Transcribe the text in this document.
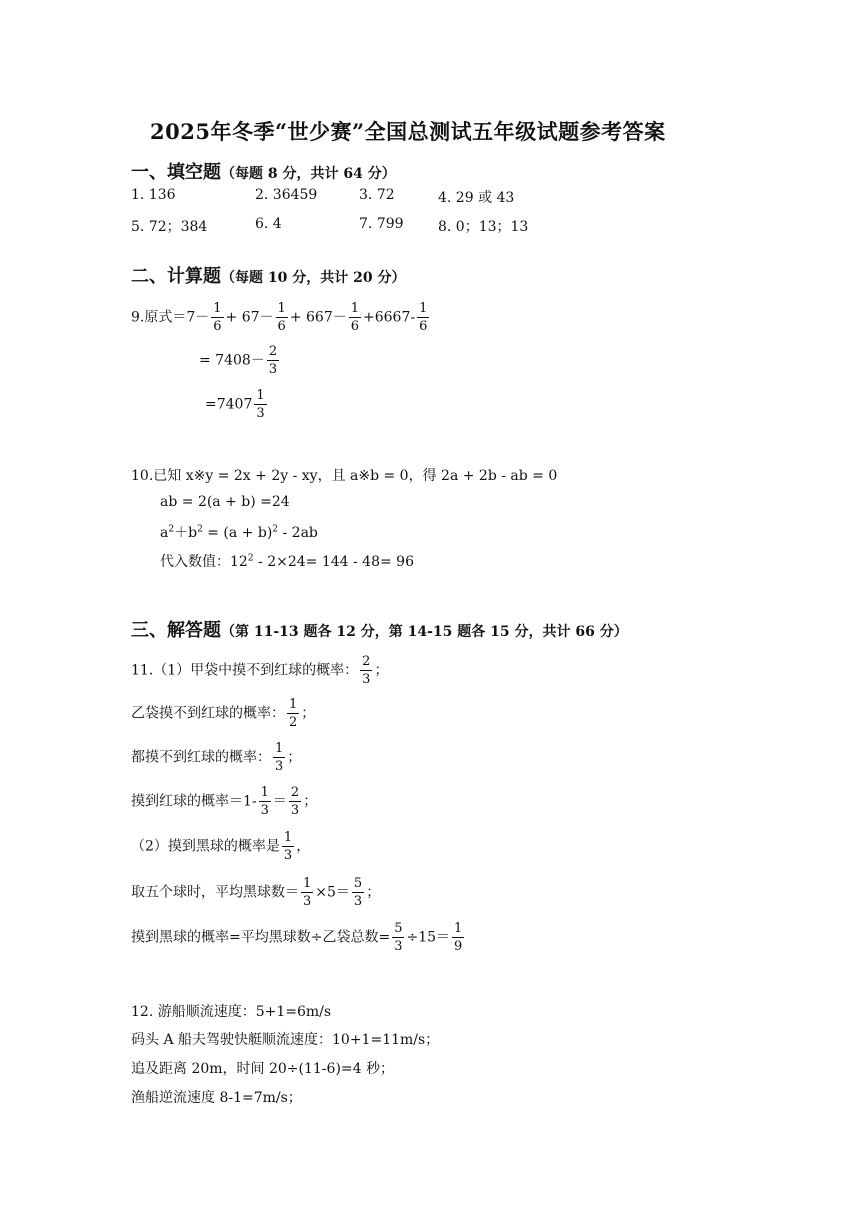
2025年冬季“世少赛”全国总测试五年级试题参考答案
一、填空题（每题 8 分，共计 64 分）
1. 136	2. 36459	3. 72	4. 29 或 43
5. 72；384	6. 4	7. 799 8. 0；13；13
二、计算题（每题 10 分，共计 20 分）
9.原式$=7- \frac{1}{6} + 67- \frac{1}{6} + 667- \frac{1}{6} +6667- \frac{1}{6}$
= $7408- \frac{2}{3}$
$=7407 \frac{1}{3}$
10.已知 x※y = 2x + 2y - xy，且 a※b = 0，得 2a + 2b - ab = 0
ab = 2(a + b) =24
$a^2+b^2 = (a + b)^2 - 2ab$
代入数值：$12^2 - 2\times 24= 144 - 48= 96$
三、解答题（第 11-13 题各 12 分，第 14-15 题各 15 分，共计 66 分）
11.（1）甲袋中摸不到红球的概率： $\frac{2}{3}$ ；
乙袋摸不到红球的概率： $\frac{1}{2}$ ；
都摸不到红球的概率： $\frac{1}{3}$ ；
摸到红球的概率$=1- \frac{1}{3} = \frac{2}{3}$ ；
（2）摸到黑球的概率是 $\frac{1}{3}$ ，
取五个球时，平均黑球数＝ $\frac{1}{3} \times 5= \frac{5}{3}$ ；
摸到黑球的概率=平均黑球数÷乙袋总数= $\frac{5}{3} \div 15= \frac{1}{9}$
12. 游船顺流速度：5+1=6m/s
码头 A 船夫驾驶快艇顺流速度：10+1=11m/s；
追及距离 20m，时间 20÷(11-6)=4 秒；
渔船逆流速度 8-1=7m/s；
